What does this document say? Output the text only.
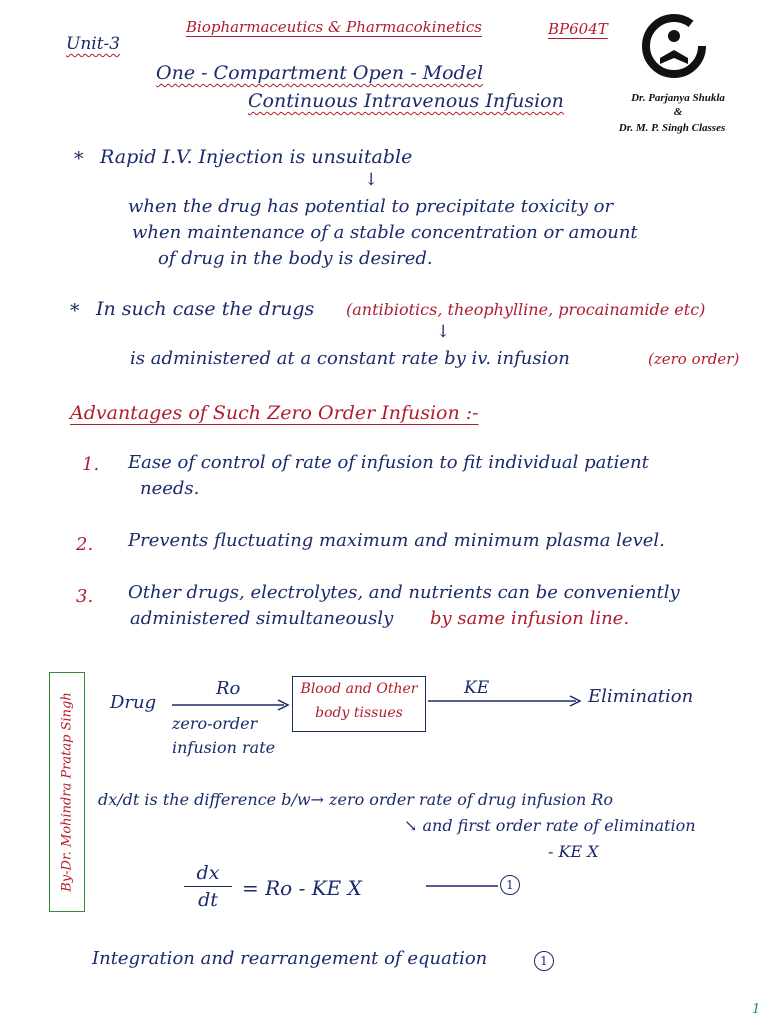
Unit-3
Biopharmaceutics & Pharmacokinetics	BP604T
One - Compartment Open - Model
Continuous Intravenous Infusion	Dr. Parjanya Shukla
&
Dr. M. P. Singh Classes
* Rapid I.V. Injection is unsuitable
↓
when the drug has potential to precipitate toxicity or
when maintenance of a stable concentration or amount
of drug in the body is desired.
* In such case the drugs (antibiotics, theophylline, procainamide etc)
↓
is administered at a constant rate by iv. infusion	(zero order)
Advantages of Such Zero Order Infusion :-
1. Ease of control of rate of infusion to fit individual patient
needs.
2. Prevents fluctuating maximum and minimum plasma level.
3. Other drugs, electrolytes, and nutrients can be conveniently
administered simultaneously by same infusion line.
By-Dr. Mohindra Pratap Singh Drug
Ro
zero-order
infusion rate
Blood and Other
body tissues
KE	Elimination
dx/dt is the difference b/w→ zero order rate of drug infusion Ro
↘ and first order rate of elimination
- KE X
$\frac{dx}{dt} = Ro$ - KE X	1
Integration and rearrangement of equation	1
1
